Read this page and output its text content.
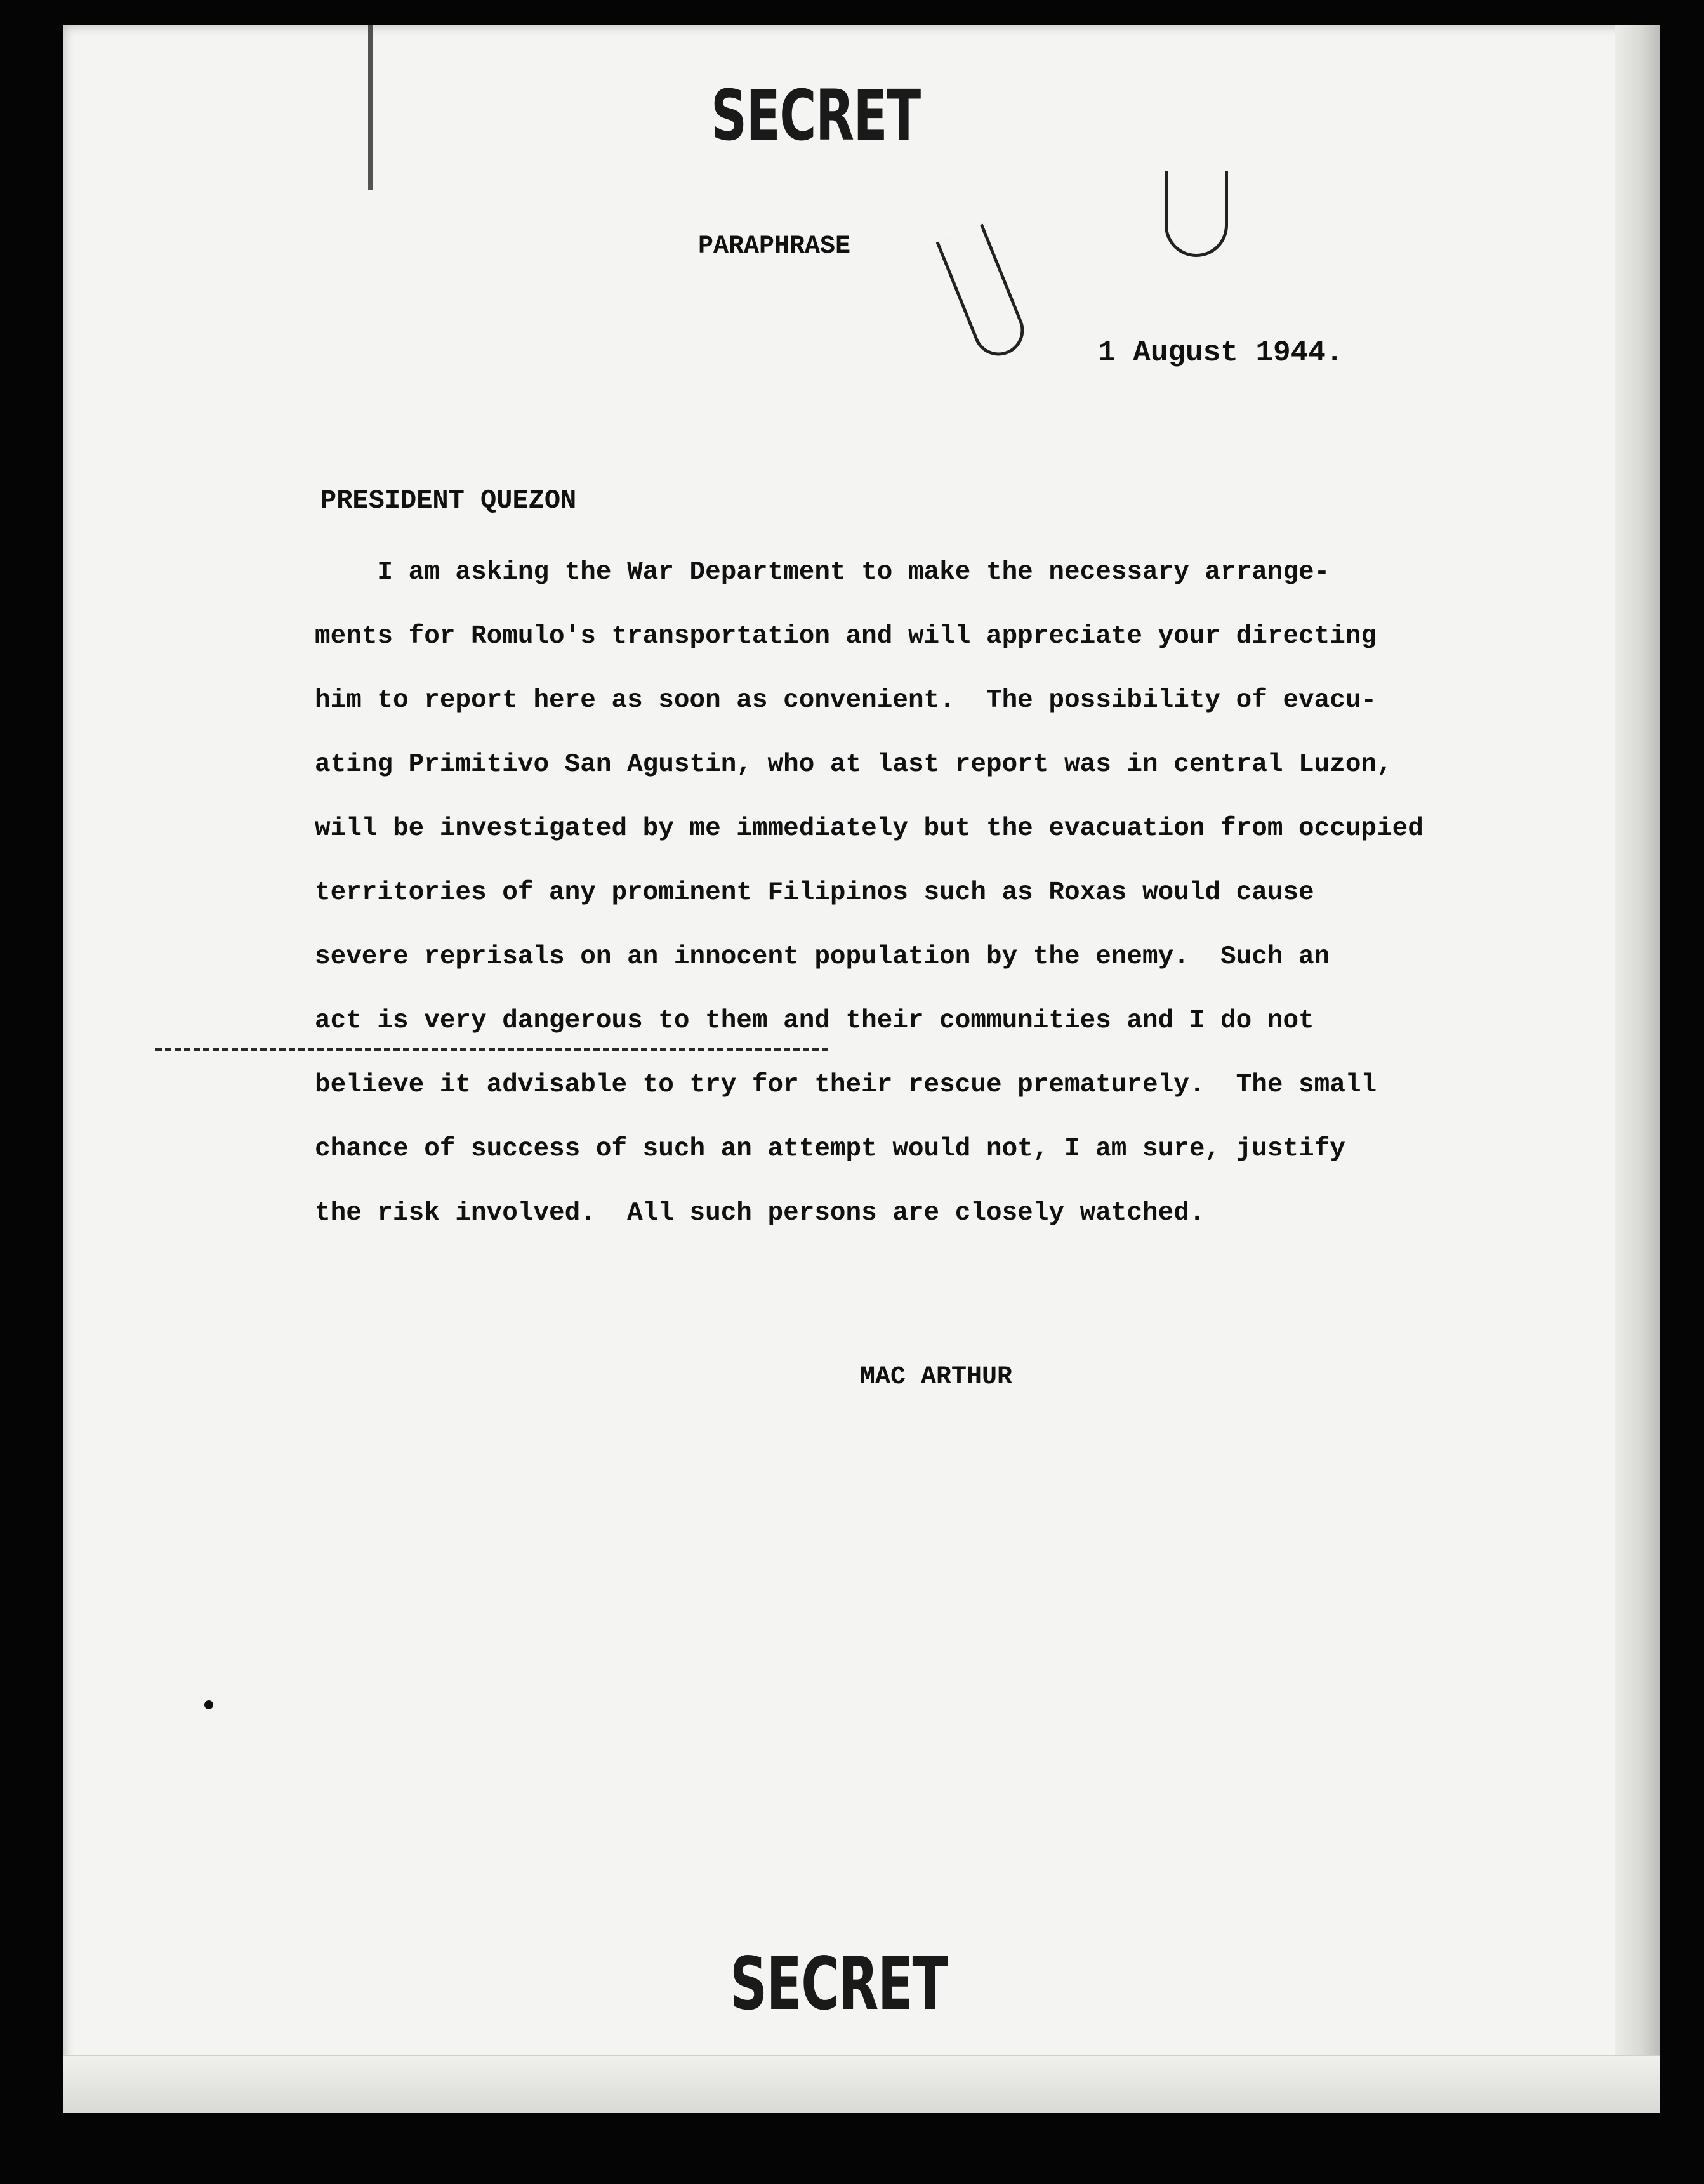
SECRET
PARAPHRASE
1 August 1944.
PRESIDENT QUEZON
I am asking the War Department to make the necessary arrange-
ments for Romulo's transportation and will appreciate your directing
him to report here as soon as convenient.  The possibility of evacu-
ating Primitivo San Agustin, who at last report was in central Luzon,
will be investigated by me immediately but the evacuation from occupied
territories of any prominent Filipinos such as Roxas would cause
severe reprisals on an innocent population by the enemy.  Such an
act is very dangerous to them and their communities and I do not
believe it advisable to try for their rescue prematurely.  The small
chance of success of such an attempt would not, I am sure, justify
the risk involved.  All such persons are closely watched.
MAC ARTHUR
SECRET
